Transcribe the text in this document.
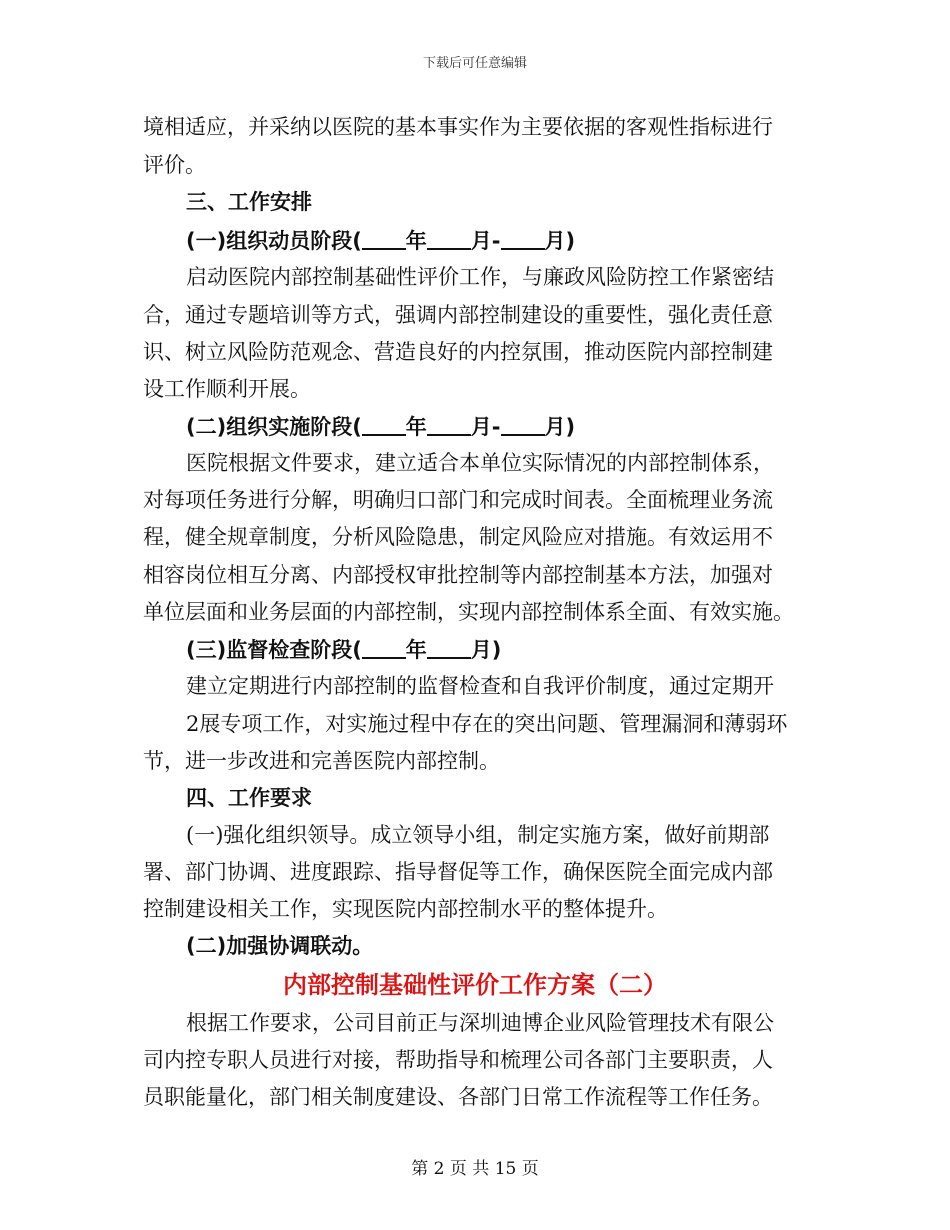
下载后可任意编辑
境相适应，并采纳以医院的基本事实作为主要依据的客观性指标进行
评价。
三、工作安排
(一)组织动员阶段( 年 月- 月)
启动医院内部控制基础性评价工作，与廉政风险防控工作紧密结
合，通过专题培训等方式，强调内部控制建设的重要性，强化责任意
识、树立风险防范观念、营造良好的内控氛围，推动医院内部控制建
设工作顺利开展。
(二)组织实施阶段( 年 月- 月)
医院根据文件要求，建立适合本单位实际情况的内部控制体系，
对每项任务进行分解，明确归口部门和完成时间表。全面梳理业务流
程，健全规章制度，分析风险隐患，制定风险应对措施。有效运用不
相容岗位相互分离、内部授权审批控制等内部控制基本方法，加强对
单位层面和业务层面的内部控制，实现内部控制体系全面、有效实施。
(三)监督检查阶段( 年 月)
建立定期进行内部控制的监督检查和自我评价制度，通过定期开
2展专项工作，对实施过程中存在的突出问题、管理漏洞和薄弱环
节，进一步改进和完善医院内部控制。
四、工作要求
(一)强化组织领导。成立领导小组，制定实施方案，做好前期部
署、部门协调、进度跟踪、指导督促等工作，确保医院全面完成内部
控制建设相关工作，实现医院内部控制水平的整体提升。
(二)加强协调联动。
内部控制基础性评价工作方案（二）
根据工作要求，公司目前正与深圳迪博企业风险管理技术有限公
司内控专职人员进行对接，帮助指导和梳理公司各部门主要职责，人
员职能量化，部门相关制度建设、各部门日常工作流程等工作任务。
第 2 页 共 15 页
